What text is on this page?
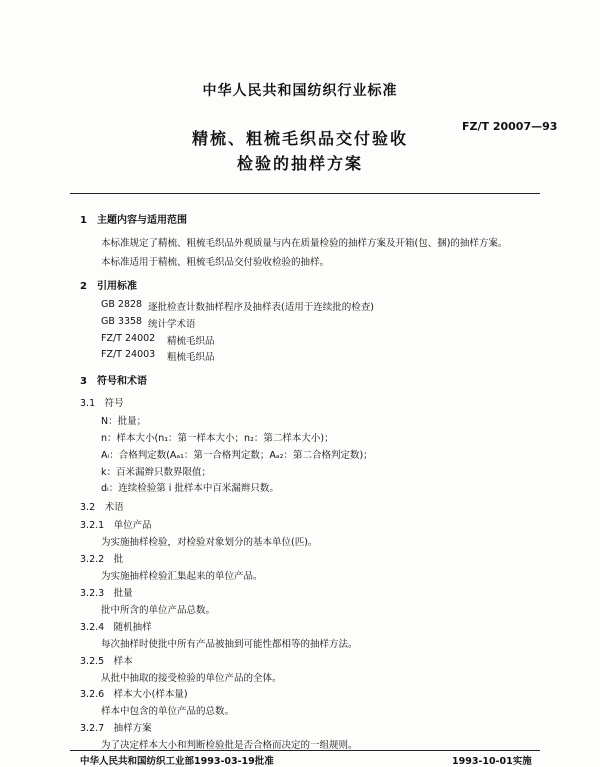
中华人民共和国纺织行业标准
FZ/T 20007—93
精梳、粗梳毛织品交付验收
检验的抽样方案
1　主题内容与适用范围
本标准规定了精梳、粗梳毛织品外观质量与内在质量检验的抽样方案及开箱(包、捆)的抽样方案。
本标准适用于精梳、粗梳毛织品交付验收检验的抽样。
2　引用标准
GB 2828 逐批检查计数抽样程序及抽样表(适用于连续批的检查)
GB 3358 统计学术语
FZ/T 24002 精梳毛织品
FZ/T 24003 粗梳毛织品
3　符号和术语
3.1　符号
N：批量；
n：样本大小(n₁：第一样本大小；n₂：第二样本大小)；
Aᵢ：合格判定数(Aₐ₁：第一合格判定数；Aₐ₂：第二合格判定数)；
k：百米漏辫只数界限值；
dᵢ：连续检验第 i 批样本中百米漏辫只数。
3.2　术语
3.2.1　单位产品
为实施抽样检验，对检验对象划分的基本单位(匹)。
3.2.2　批
为实施抽样检验汇集起来的单位产品。
3.2.3　批量
批中所含的单位产品总数。
3.2.4　随机抽样
每次抽样时使批中所有产品被抽到可能性都相等的抽样方法。
3.2.5　样本
从批中抽取的接受检验的单位产品的全体。
3.2.6　样本大小(样本量)
样本中包含的单位产品的总数。
3.2.7　抽样方案
为了决定样本大小和判断检验批是否合格而决定的一组规则。
中华人民共和国纺织工业部1993-03-19批准	1993-10-01实施
